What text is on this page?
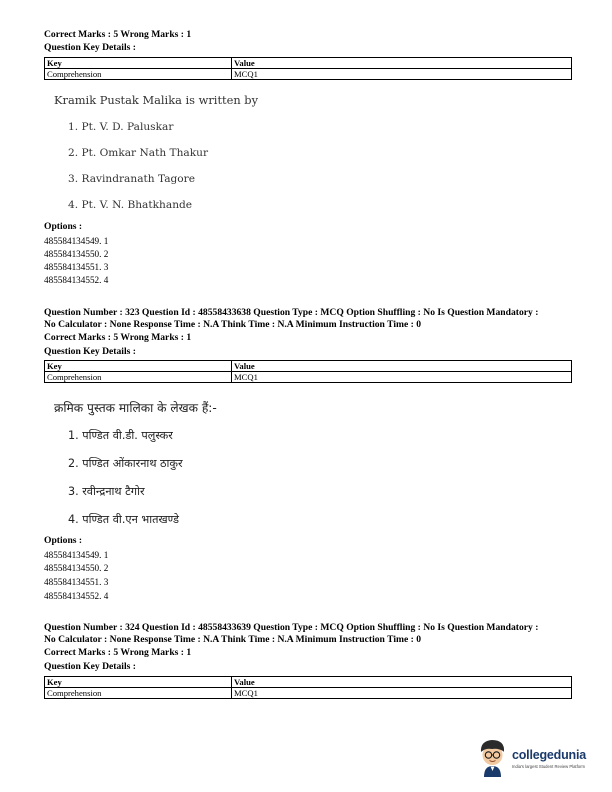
Correct Marks : 5 Wrong Marks : 1
Question Key Details :
Key	Value
Comprehension	MCQ1
Kramik Pustak Malika is written by
1. Pt. V. D. Paluskar
2. Pt. Omkar Nath Thakur
3. Ravindranath Tagore
4. Pt. V. N. Bhatkhande
Options :
485584134549. 1
485584134550. 2
485584134551. 3
485584134552. 4
Question Number : 323 Question Id : 48558433638 Question Type : MCQ Option Shuffling : No Is Question Mandatory :
No Calculator : None Response Time : N.A Think Time : N.A Minimum Instruction Time : 0
Correct Marks : 5 Wrong Marks : 1
Question Key Details :
Key	Value
Comprehension	MCQ1
क्रमिक पुस्तक मालिका के लेखक हैं:-
1. पण्डित वी.डी. पलुस्कर
2. पण्डित ओंकारनाथ ठाकुर
3. रवीन्द्रनाथ टैगोर
4. पण्डित वी.एन भातखण्डे
Options :
485584134549. 1
485584134550. 2
485584134551. 3
485584134552. 4
Question Number : 324 Question Id : 48558433639 Question Type : MCQ Option Shuffling : No Is Question Mandatory :
No Calculator : None Response Time : N.A Think Time : N.A Minimum Instruction Time : 0
Correct Marks : 5 Wrong Marks : 1
Question Key Details :
Key	Value
Comprehension	MCQ1
collegedunia
India's largest Student Review Platform
